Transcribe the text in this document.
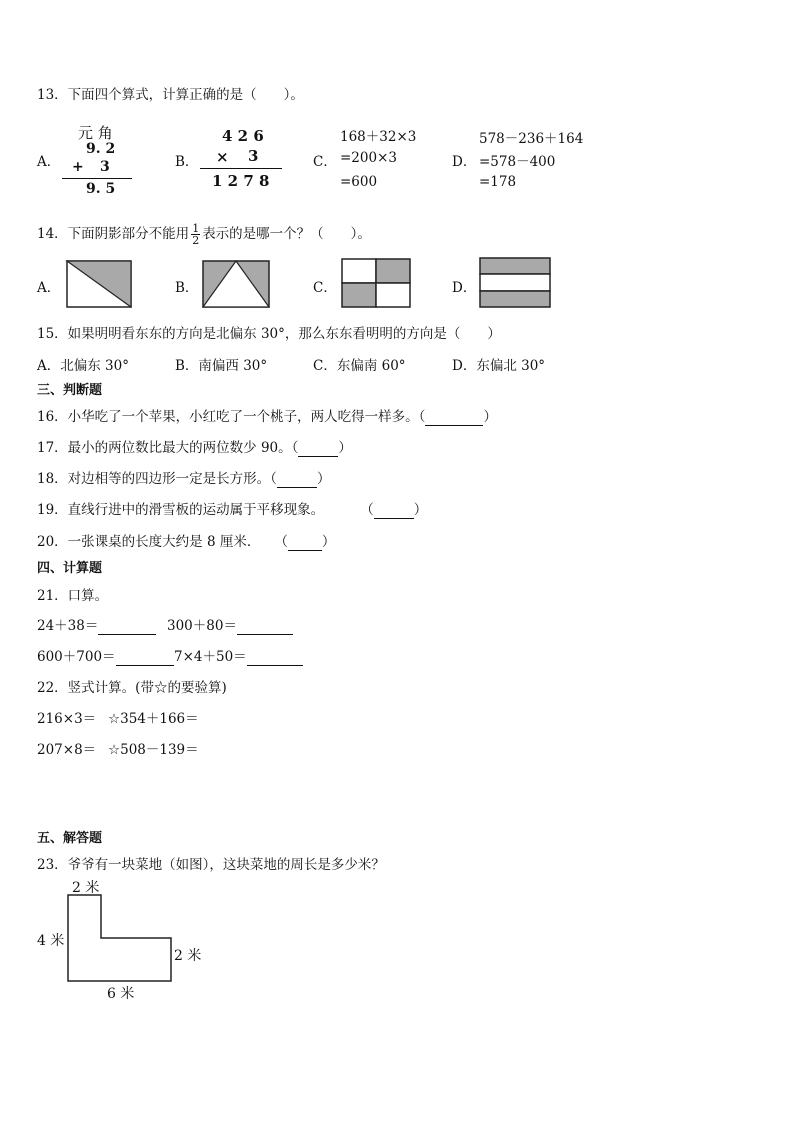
13．下面四个算式，计算正确的是（　　）。
A．
元 角
9. 2
+ 3
9. 5
B．
4 2 6
× 3
1 2 7 8
C．
168＋32×3
=200×3
=600
D．
578－236＋164
=578－400
=178
14．下面阴影部分不能用 $\frac{1}{2}$ 表示的是哪一个？（　　）。
A．	B．	C．	D．
15．如果明明看东东的方向是北偏东 30°，那么东东看明明的方向是（　　）
A．北偏东 30°	B．南偏西 30°	C．东偏南 60°	D．东偏北 30°
三、判断题
16．小华吃了一个苹果，小红吃了一个桃子，两人吃得一样多。（	）
17．最小的两位数比最大的两位数少 90。（	）
18．对边相等的四边形一定是长方形。（	）
19．直线行进中的滑雪板的运动属于平移现象。	（	）
20．一张课桌的长度大约是 8 厘米． （	）
四、计算题
21．口算。
24＋38＝	300＋80＝
600＋700＝	7×4＋50＝
22．竖式计算。(带☆的要验算)
216×3＝ ☆354＋166＝
207×8＝ ☆508－139＝
五、解答题
23．爷爷有一块菜地（如图），这块菜地的周长是多少米？
2 米
4 米
2 米
6 米
